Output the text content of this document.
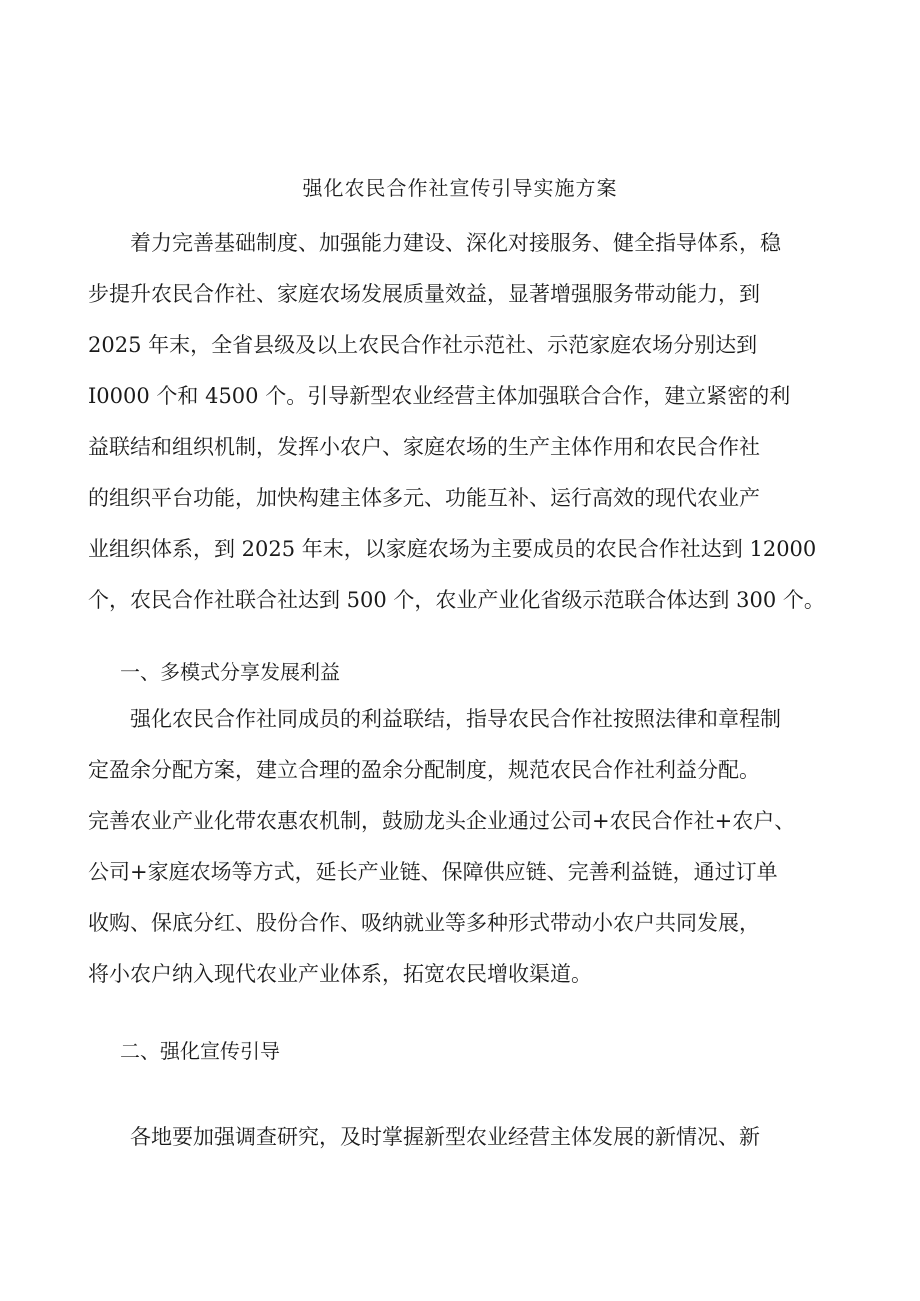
强化农民合作社宣传引导实施方案
　　着力完善基础制度、加强能力建设、深化对接服务、健全指导体系，稳
步提升农民合作社、家庭农场发展质量效益，显著增强服务带动能力，到
2025 年末，全省县级及以上农民合作社示范社、示范家庭农场分别达到
I0000 个和 4500 个。引导新型农业经营主体加强联合合作，建立紧密的利
益联结和组织机制，发挥小农户、家庭农场的生产主体作用和农民合作社
的组织平台功能，加快构建主体多元、功能互补、运行高效的现代农业产
业组织体系，到 2025 年末，以家庭农场为主要成员的农民合作社达到 12000
个，农民合作社联合社达到 500 个，农业产业化省级示范联合体达到 300 个。
一、多模式分享发展利益
　　强化农民合作社同成员的利益联结，指导农民合作社按照法律和章程制
定盈余分配方案，建立合理的盈余分配制度，规范农民合作社利益分配。
完善农业产业化带农惠农机制，鼓励龙头企业通过公司+农民合作社+农户、
公司+家庭农场等方式，延长产业链、保障供应链、完善利益链，通过订单
收购、保底分红、股份合作、吸纳就业等多种形式带动小农户共同发展，
将小农户纳入现代农业产业体系，拓宽农民增收渠道。
二、强化宣传引导
　　各地要加强调查研究，及时掌握新型农业经营主体发展的新情况、新
